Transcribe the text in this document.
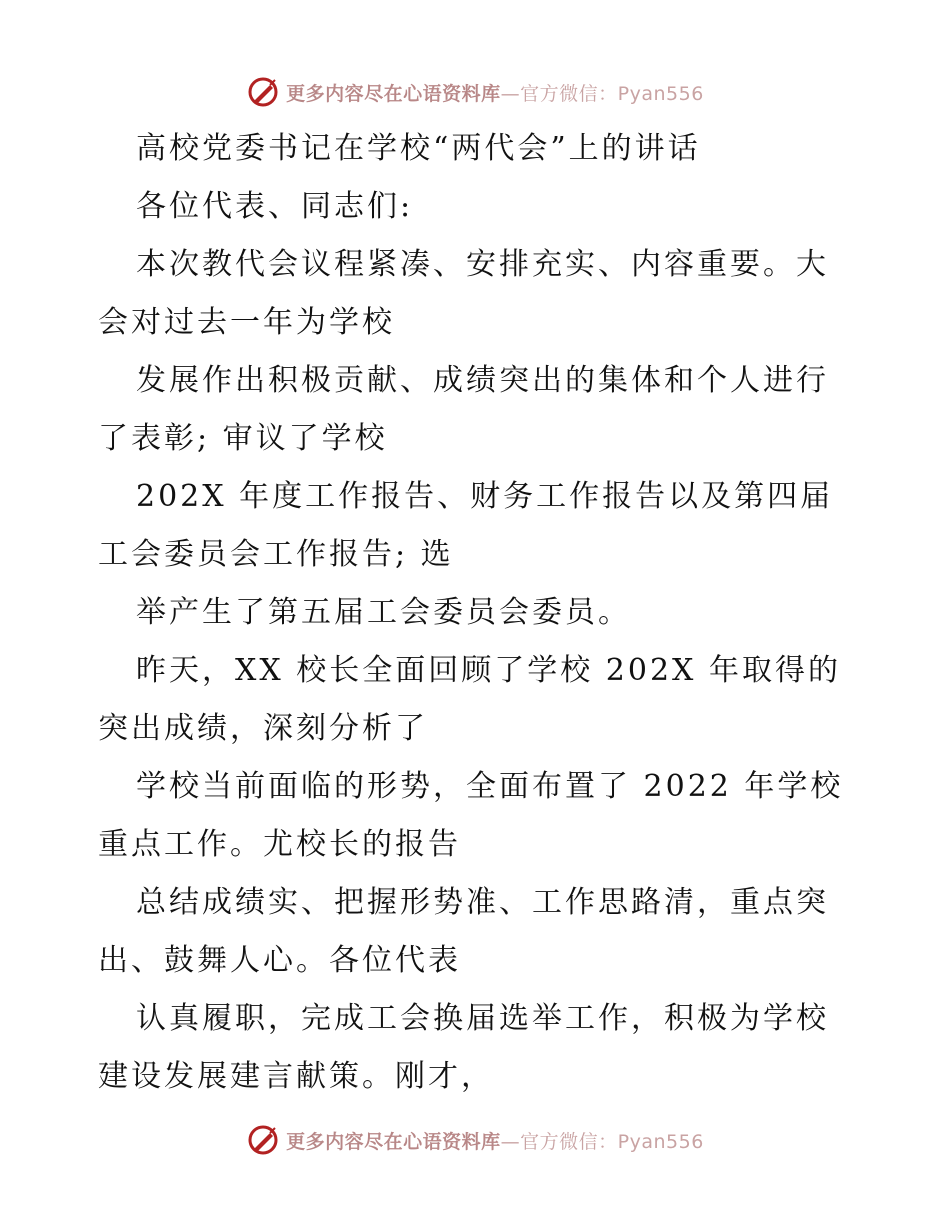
更多内容尽在心语资料库—官方微信：Pyan556

高校党委书记在学校“两代会”上的讲话

各位代表、同志们:

本次教代会议程紧凑、安排充实、内容重要。大会对过去一年为学校

发展作出积极贡献、成绩突出的集体和个人进行了表彰; 审议了学校

202X 年度工作报告、财务工作报告以及第四届工会委员会工作报告; 选

举产生了第五届工会委员会委员。

昨天，XX 校长全面回顾了学校 202X 年取得的突出成绩，深刻分析了

学校当前面临的形势，全面布置了 2022 年学校重点工作。尤校长的报告

总结成绩实、把握形势准、工作思路清，重点突出、鼓舞人心。各位代表

认真履职，完成工会换届选举工作，积极为学校建设发展建言献策。刚才，

更多内容尽在心语资料库—官方微信：Pyan556
